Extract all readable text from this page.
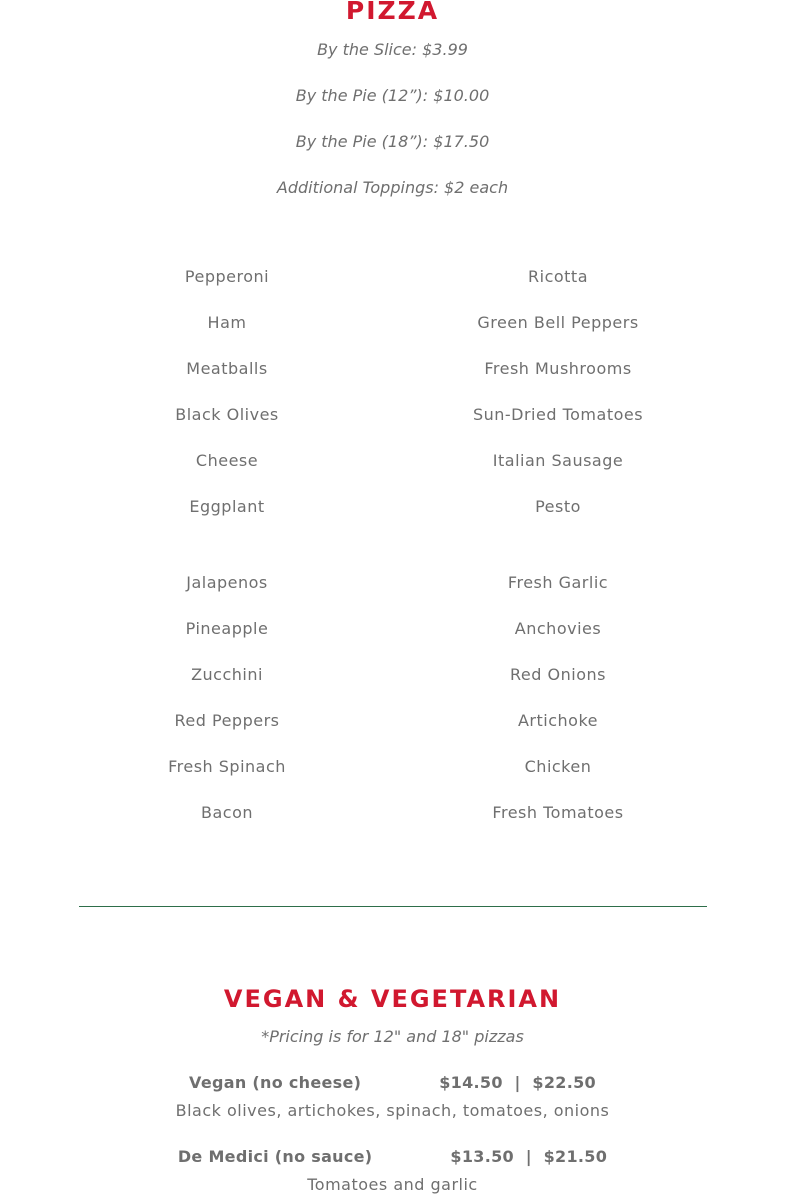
PIZZA
By the Slice: $3.99
By the Pie (12”): $10.00
By the Pie (18”): $17.50
Additional Toppings: $2 each
Pepperoni
Ham
Meatballs
Black Olives
Cheese
Eggplant
Ricotta
Green Bell Peppers
Fresh Mushrooms
Sun-Dried Tomatoes
Italian Sausage
Pesto
Jalapenos
Pineapple
Zucchini
Red Peppers
Fresh Spinach
Bacon
Fresh Garlic
Anchovies
Red Onions
Artichoke
Chicken
Fresh Tomatoes
VEGAN & VEGETARIAN
*Pricing is for 12" and 18" pizzas
Vegan (no cheese)	$14.50  |  $22.50
Black olives, artichokes, spinach, tomatoes, onions
De Medici (no sauce)	$13.50  |  $21.50
Tomatoes and garlic
